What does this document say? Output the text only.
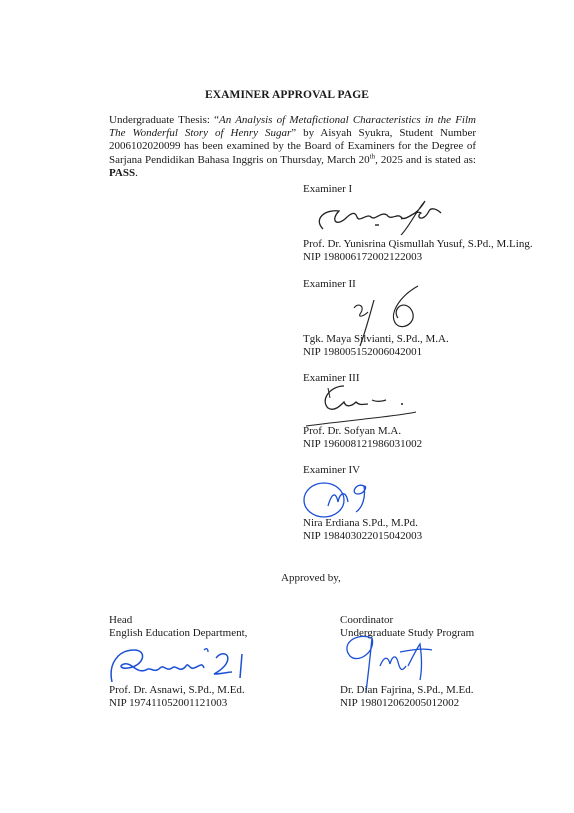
EXAMINER APPROVAL PAGE
Undergraduate Thesis: “An Analysis of Metafictional Characteristics in the Film The Wonderful Story of Henry Sugar” by Aisyah Syukra, Student Number 2006102020099 has been examined by the Board of Examiners for the Degree of Sarjana Pendidikan Bahasa Inggris on Thursday, March 20th, 2025 and is stated as: PASS.
Examiner I
Prof. Dr. Yunisrina Qismullah Yusuf, S.Pd., M.Ling.
NIP 198006172002122003
Examiner II
Tgk. Maya Silvianti, S.Pd., M.A.
NIP 198005152006042001
Examiner III
Prof. Dr. Sofyan M.A.
NIP 196008121986031002
Examiner IV
Nira Erdiana S.Pd., M.Pd.
NIP 198403022015042003
Approved by,
Head
English Education Department,
Prof. Dr. Asnawi, S.Pd., M.Ed.
NIP 197411052001121003
Coordinator
Undergraduate Study Program
Dr. Dian Fajrina, S.Pd., M.Ed.
NIP 198012062005012002
